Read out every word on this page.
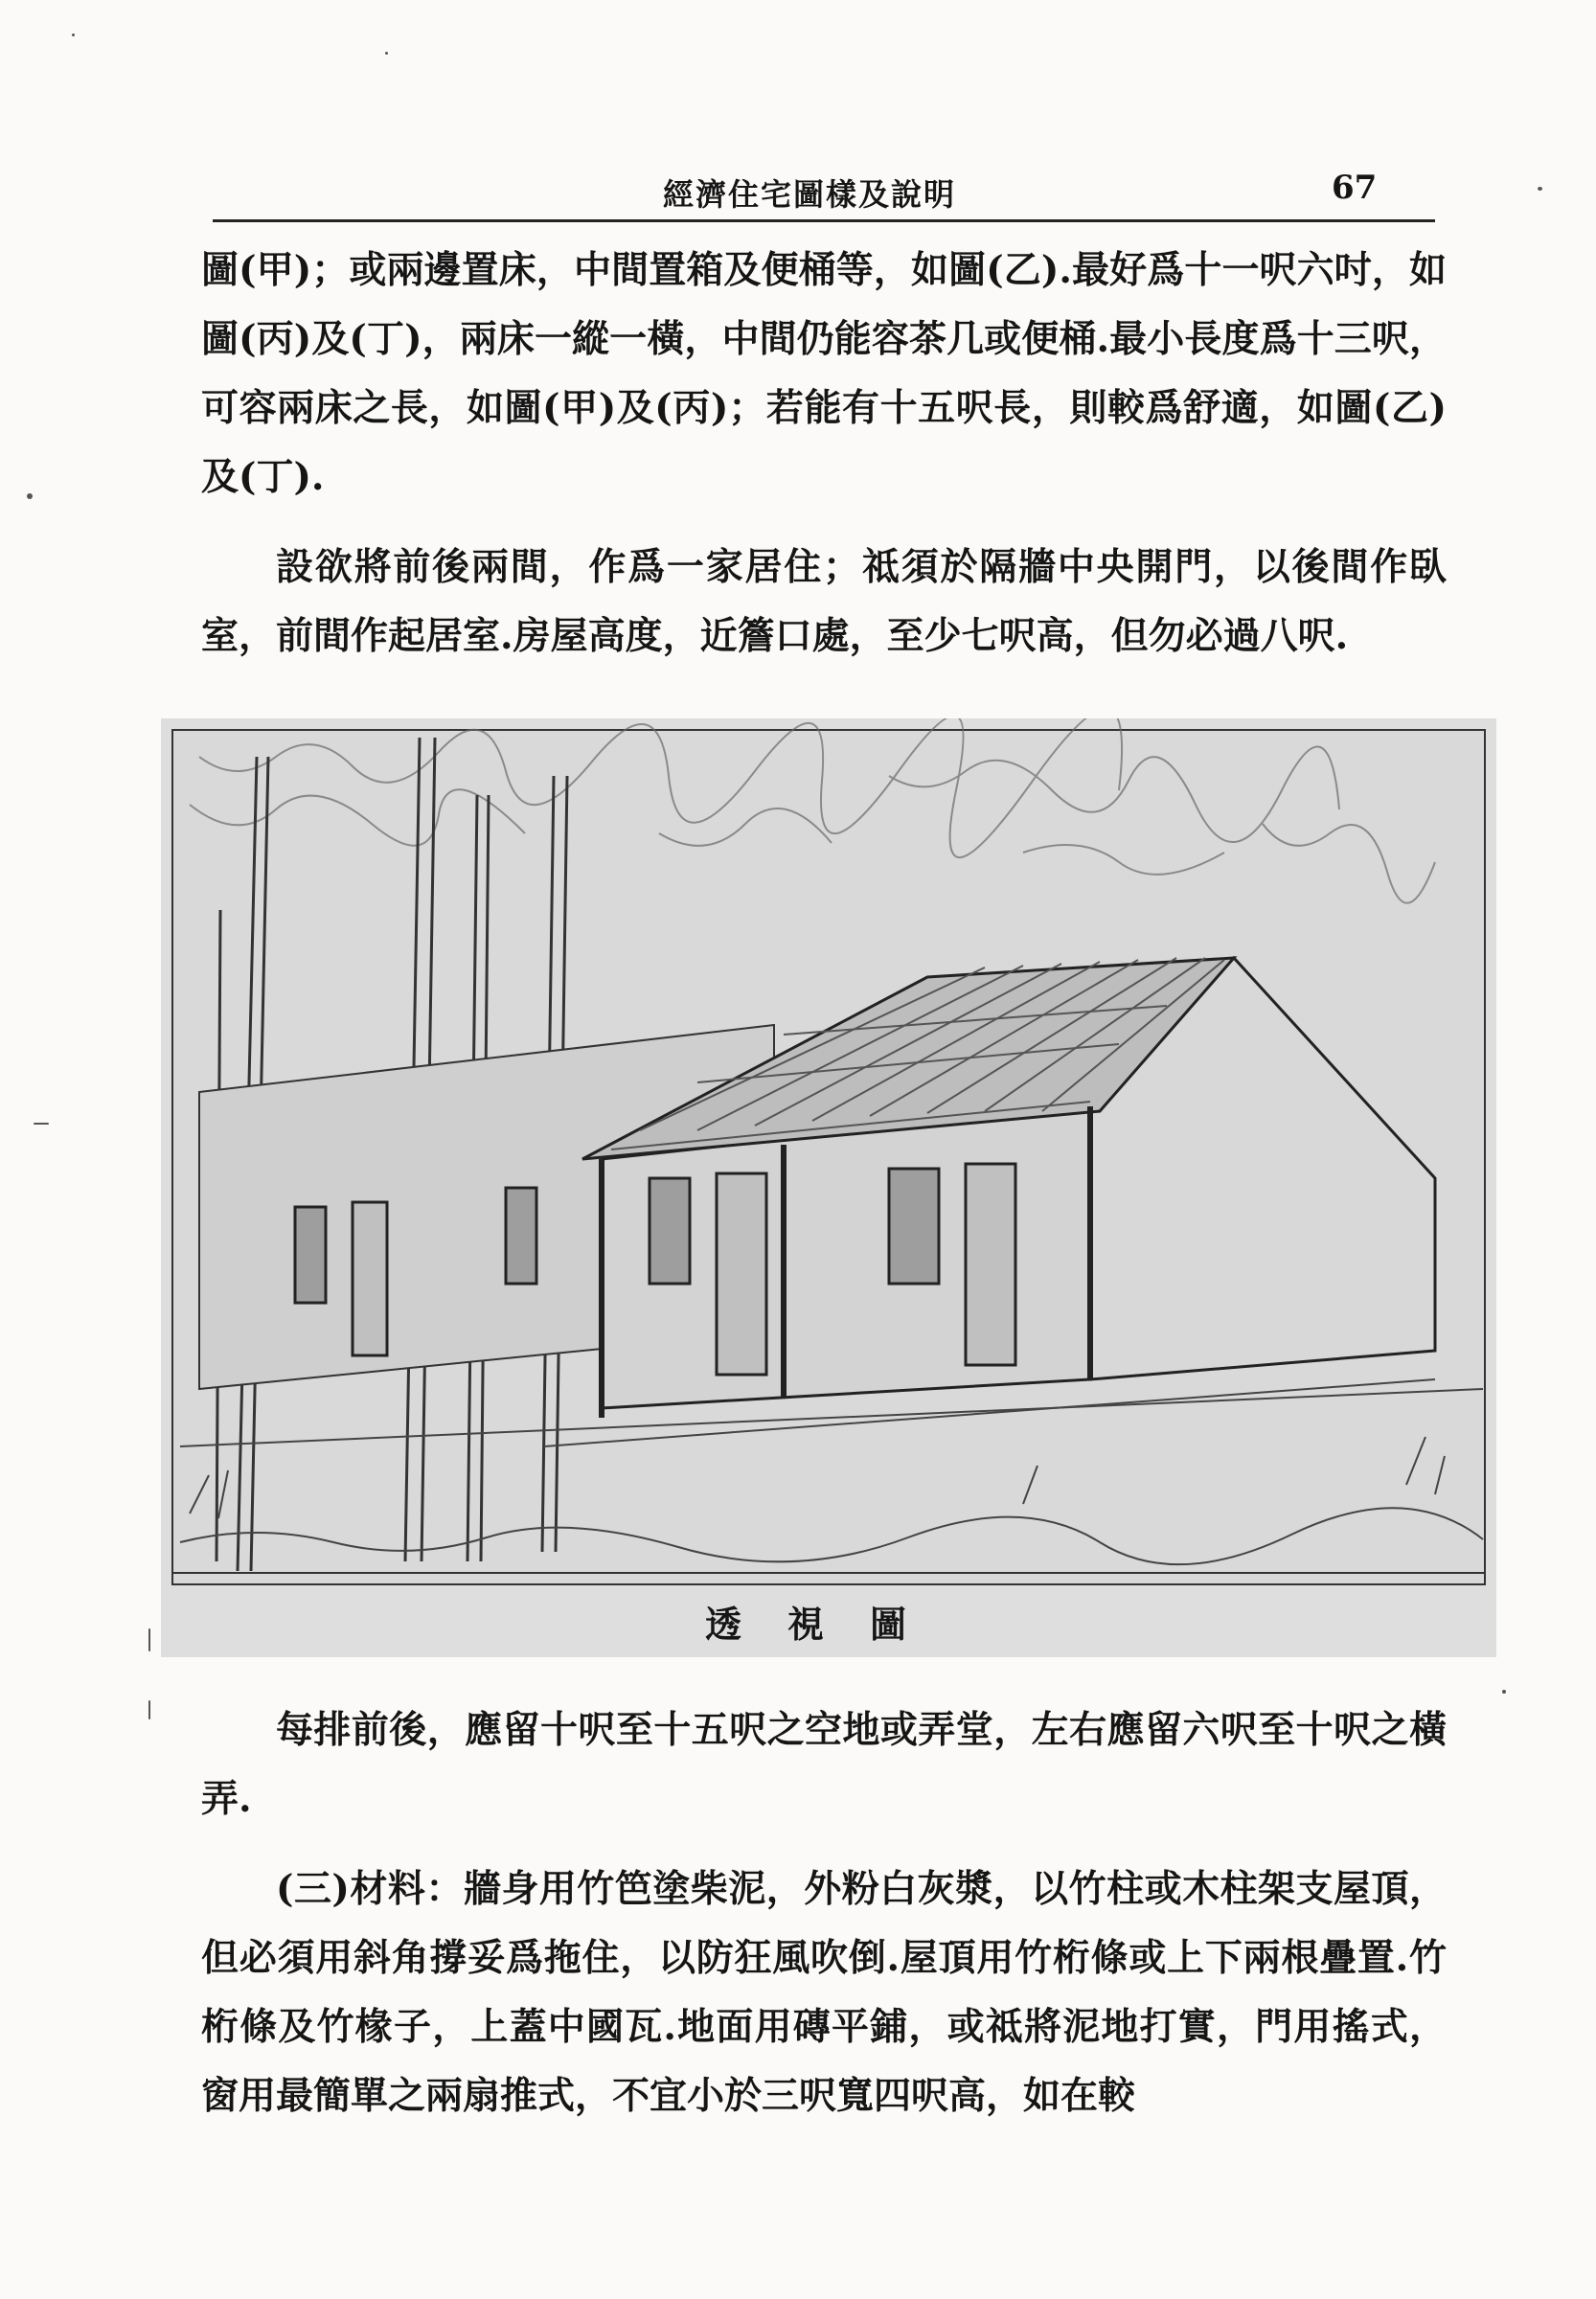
經濟住宅圖樣及說明	67

圖(甲)；或兩邊置床，中間置箱及便桶等，如圖(乙).最好爲十一呎六吋，如圖(丙)及(丁)，兩床一縱一橫，中間仍能容茶几或便桶.最小長度爲十三呎，可容兩床之長，如圖(甲)及(丙)；若能有十五呎長，則較爲舒適，如圖(乙)及(丁).

設欲將前後兩間，作爲一家居住；祗須於隔牆中央開門，以後間作臥室，前間作起居室.房屋高度，近簷口處，至少七呎高，但勿必過八呎.

透視圖

每排前後，應留十呎至十五呎之空地或弄堂，左右應留六呎至十呎之橫弄.

(三)材料：牆身用竹笆塗柴泥，外粉白灰漿，以竹柱或木柱架支屋頂，但必須用斜角撐妥爲拖住，以防狂風吹倒.屋頂用竹桁條或上下兩根疊置.竹桁條及竹椽子，上蓋中國瓦.地面用磚平鋪，或祗將泥地打實，門用搖式，窗用最簡單之兩扇推式，不宜小於三呎寬四呎高，如在較
